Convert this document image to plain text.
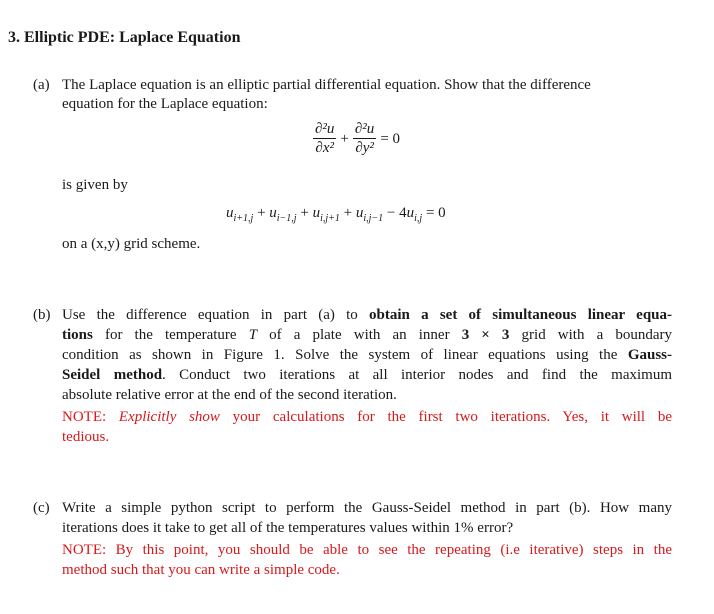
3. Elliptic PDE: Laplace Equation
(a) The Laplace equation is an elliptic partial differential equation. Show that the difference
equation for the Laplace equation:
$\frac{\text{∂²u}}{\text{∂x²}} + \frac{\text{∂²u}}{\text{∂y²}} = 0$
is given by
$u_{i+1,j} + u_{i-1,j} + u_{i,j+1} + u_{i,j-1} - 4u_{i,j} = 0$
on a (x,y) grid scheme.
(b) Use the difference equation in part (a) to obtain a set of simultaneous linear equa-
tions for the temperature T of a plate with an inner 3 × 3 grid with a boundary
condition as shown in Figure 1. Solve the system of linear equations using the Gauss-
Seidel method. Conduct two iterations at all interior nodes and find the maximum
absolute relative error at the end of the second iteration.
NOTE: Explicitly show your calculations for the first two iterations. Yes, it will be
tedious.
(c) Write a simple python script to perform the Gauss-Seidel method in part (b). How many
iterations does it take to get all of the temperatures values within 1% error?
NOTE: By this point, you should be able to see the repeating (i.e iterative) steps in the
method such that you can write a simple code.
